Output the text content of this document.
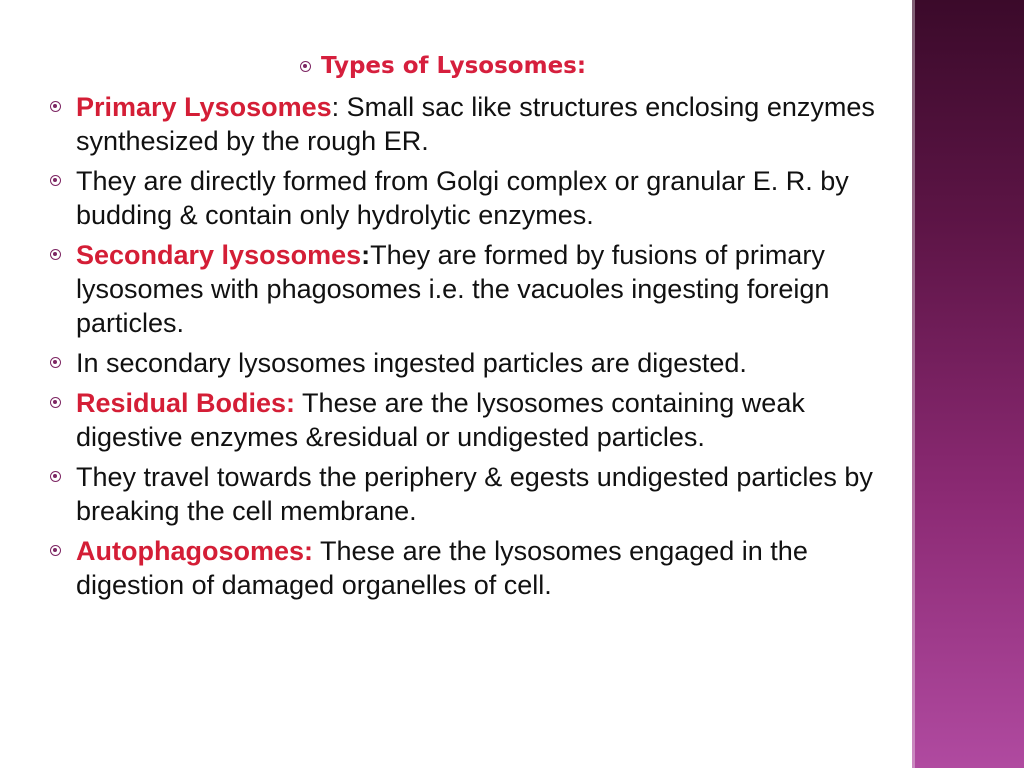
Types of Lysosomes:
Primary Lysosomes: Small sac like structures enclosing enzymes synthesized by the rough ER.
They are directly formed from Golgi complex or granular E. R. by budding & contain only hydrolytic enzymes.
Secondary lysosomes:They are formed by fusions of primary lysosomes with phagosomes i.e. the vacuoles ingesting foreign particles.
In secondary lysosomes ingested particles are digested.
Residual Bodies: These are the lysosomes containing weak digestive enzymes &residual or undigested particles.
They travel towards the periphery & egests undigested particles by breaking the cell membrane.
Autophagosomes: These are the lysosomes engaged in the digestion of damaged organelles of cell.
